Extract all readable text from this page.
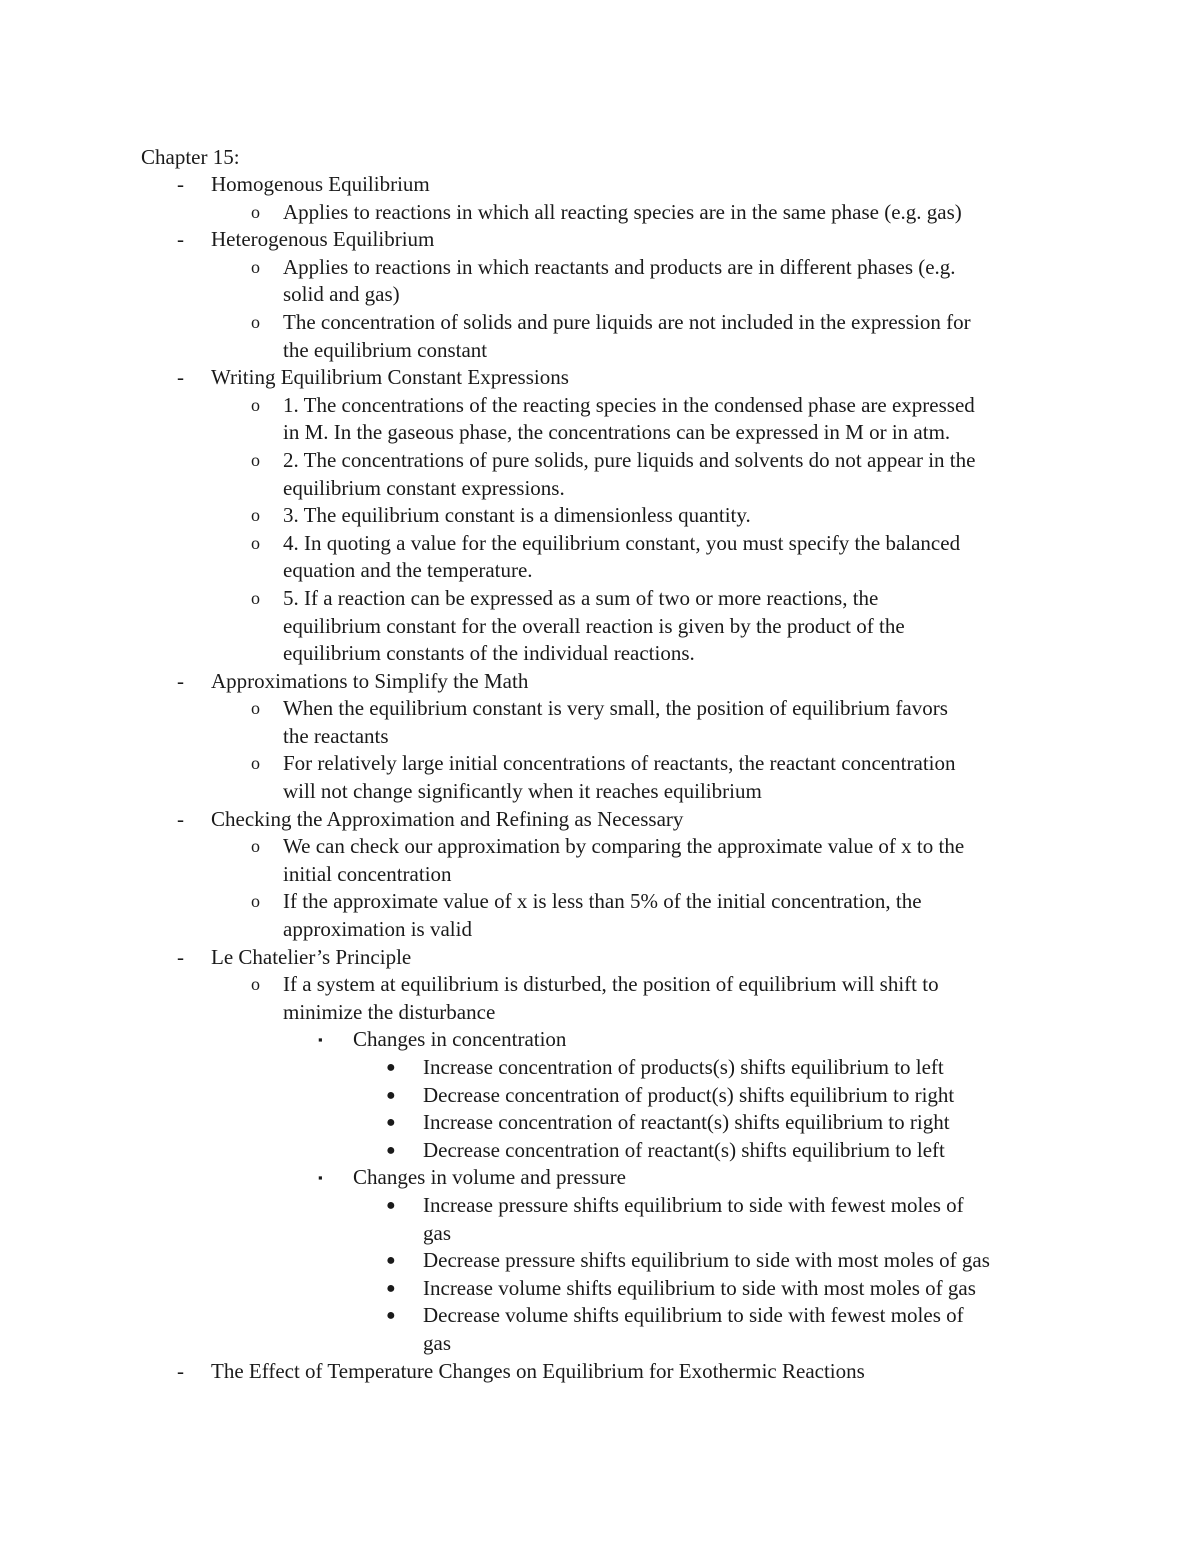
Chapter 15:
- Homogenous Equilibrium
o Applies to reactions in which all reacting species are in the same phase (e.g. gas)
- Heterogenous Equilibrium
o Applies to reactions in which reactants and products are in different phases (e.g.
solid and gas)
o The concentration of solids and pure liquids are not included in the expression for
the equilibrium constant
- Writing Equilibrium Constant Expressions
o 1. The concentrations of the reacting species in the condensed phase are expressed
in M. In the gaseous phase, the concentrations can be expressed in M or in atm.
o 2. The concentrations of pure solids, pure liquids and solvents do not appear in the
equilibrium constant expressions.
o 3. The equilibrium constant is a dimensionless quantity.
o 4. In quoting a value for the equilibrium constant, you must specify the balanced
equation and the temperature.
o 5. If a reaction can be expressed as a sum of two or more reactions, the
equilibrium constant for the overall reaction is given by the product of the
equilibrium constants of the individual reactions.
- Approximations to Simplify the Math
o When the equilibrium constant is very small, the position of equilibrium favors
the reactants
o For relatively large initial concentrations of reactants, the reactant concentration
will not change significantly when it reaches equilibrium
- Checking the Approximation and Refining as Necessary
o We can check our approximation by comparing the approximate value of x to the
initial concentration
o If the approximate value of x is less than 5% of the initial concentration, the
approximation is valid
- Le Chatelier’s Principle
o If a system at equilibrium is disturbed, the position of equilibrium will shift to
minimize the disturbance
▪ Changes in concentration
● Increase concentration of products(s) shifts equilibrium to left
● Decrease concentration of product(s) shifts equilibrium to right
● Increase concentration of reactant(s) shifts equilibrium to right
● Decrease concentration of reactant(s) shifts equilibrium to left
▪ Changes in volume and pressure
● Increase pressure shifts equilibrium to side with fewest moles of
gas
● Decrease pressure shifts equilibrium to side with most moles of gas
● Increase volume shifts equilibrium to side with most moles of gas
● Decrease volume shifts equilibrium to side with fewest moles of
gas
- The Effect of Temperature Changes on Equilibrium for Exothermic Reactions
